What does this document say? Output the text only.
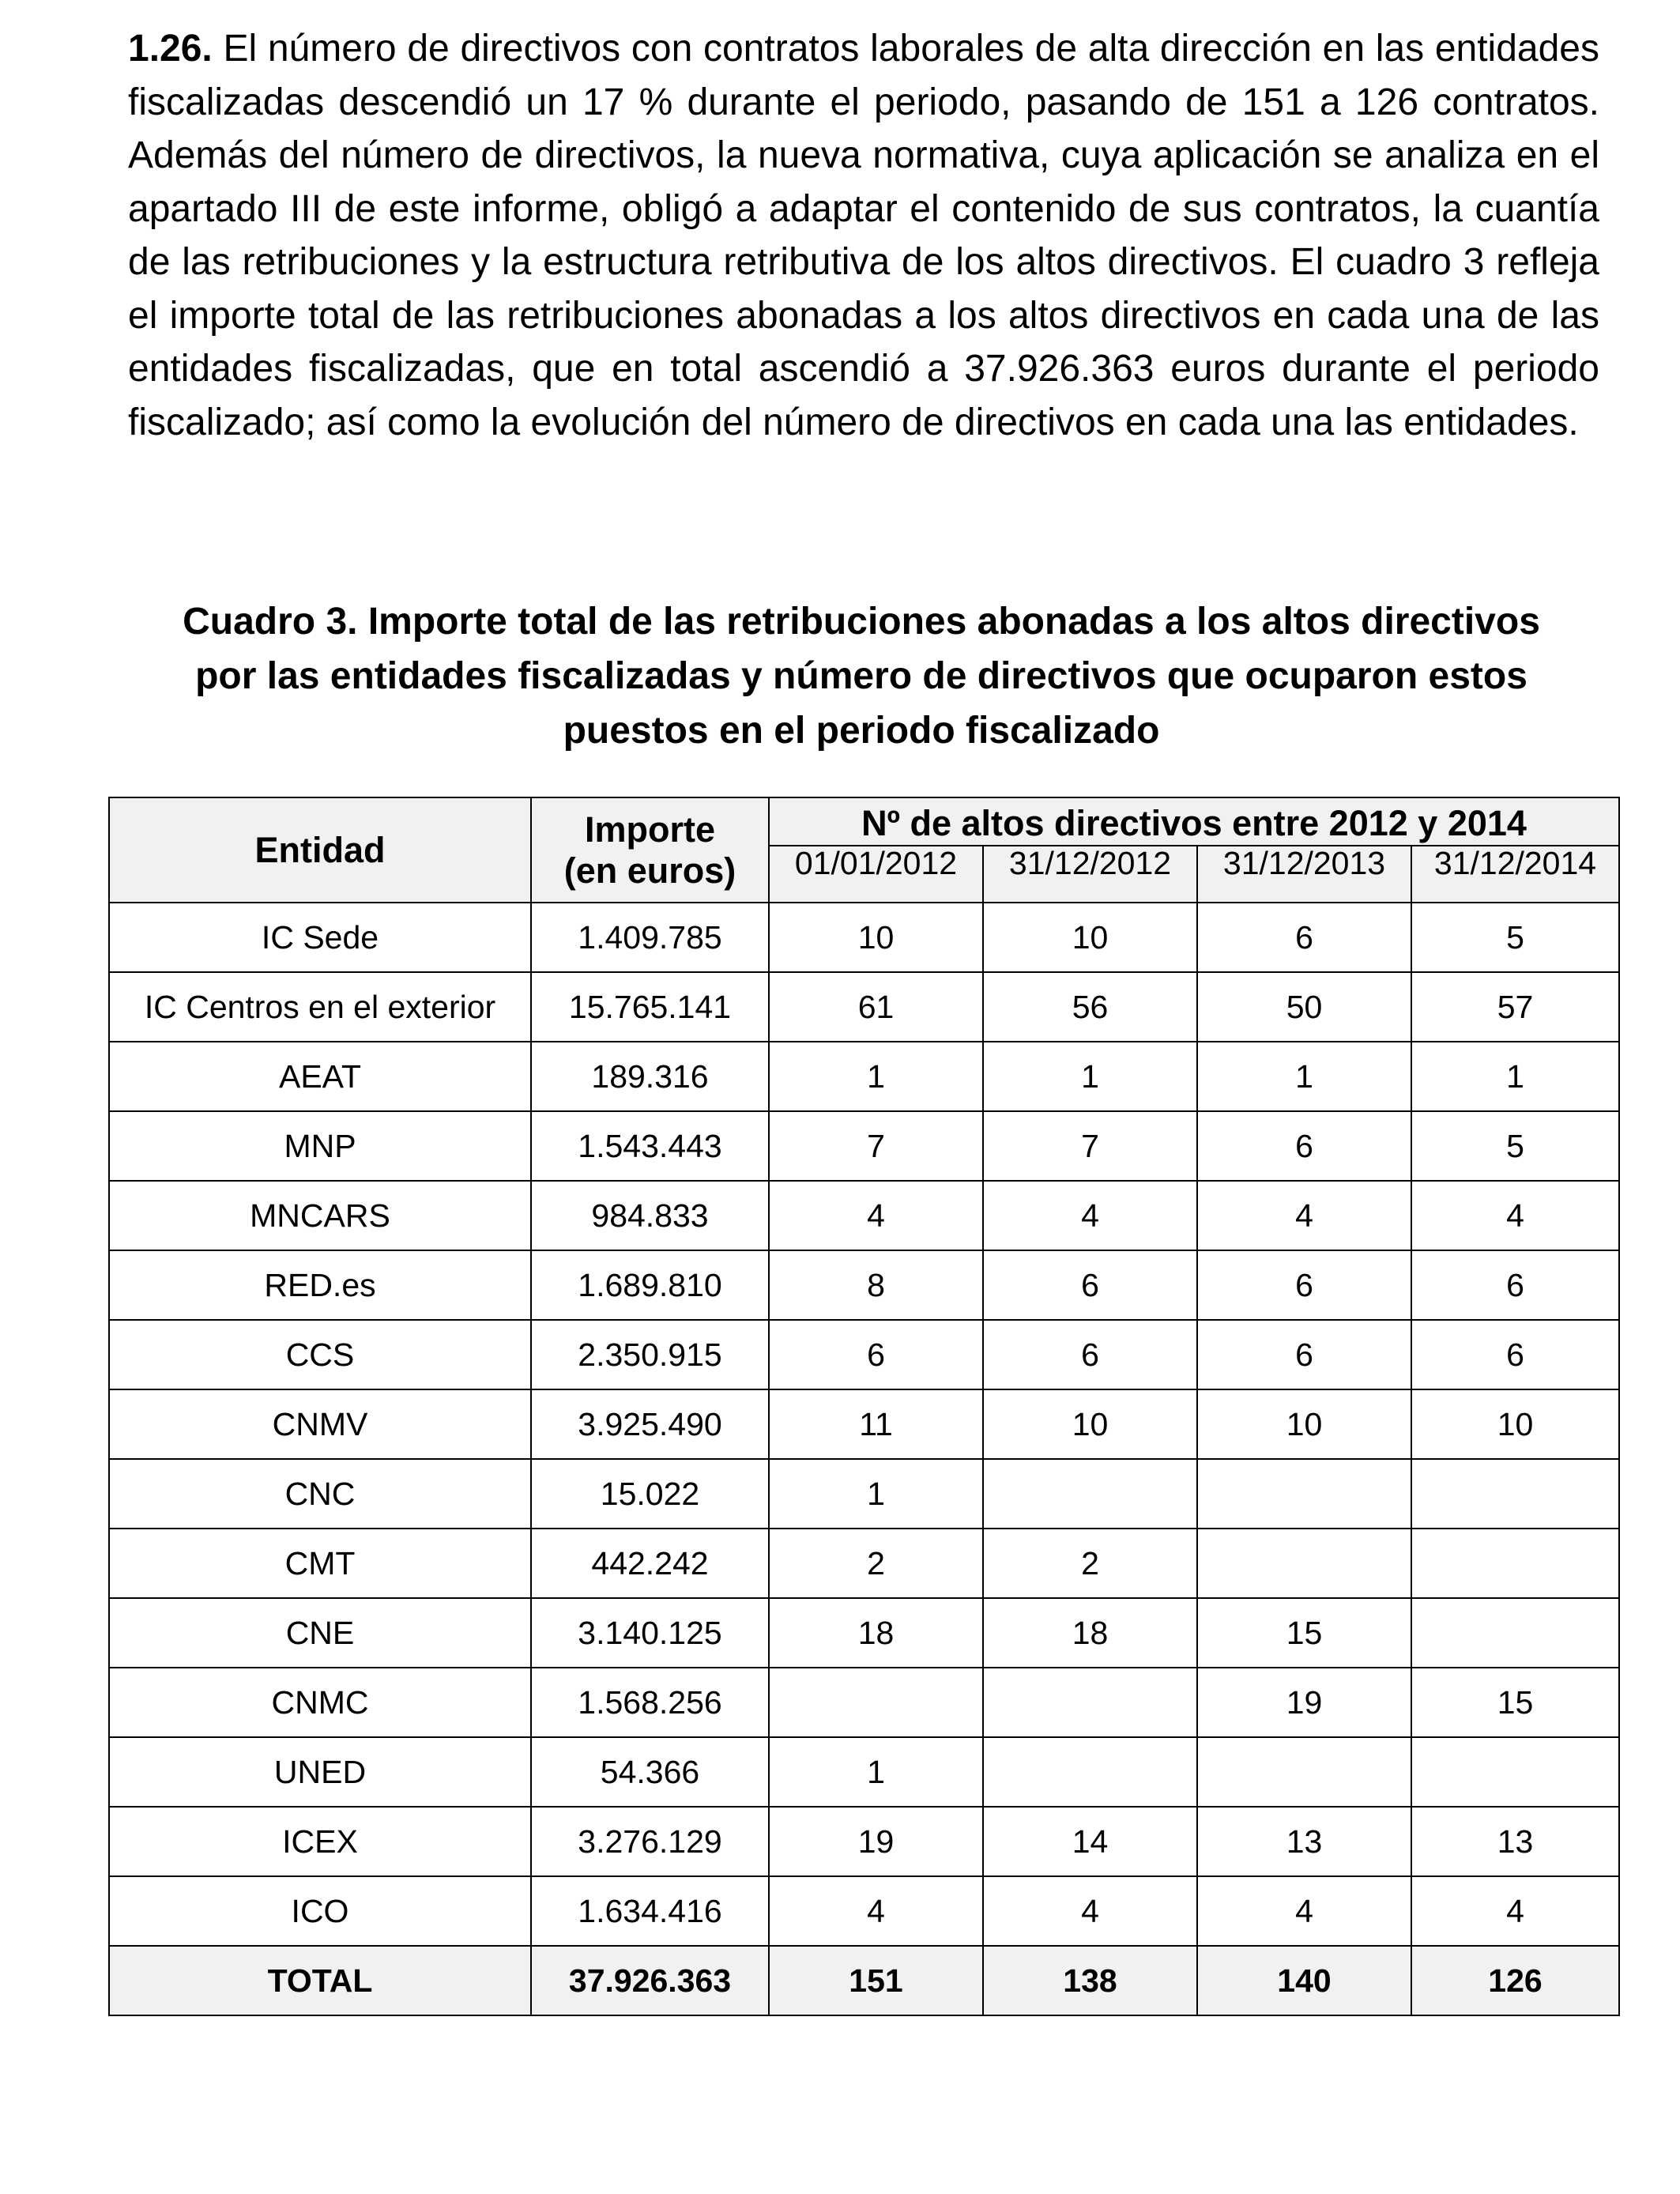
1.26. El número de directivos con contratos laborales de alta dirección en las entidades fiscalizadas descendió un 17 % durante el periodo, pasando de 151 a 126 contratos. Además del número de directivos, la nueva normativa, cuya aplicación se analiza en el apartado III de este informe, obligó a adaptar el contenido de sus contratos, la cuantía de las retribuciones y la estructura retributiva de los altos directivos. El cuadro 3 refleja el importe total de las retribuciones abonadas a los altos directivos en cada una de las entidades fiscalizadas, que en total ascendió a 37.926.363 euros durante el periodo fiscalizado; así como la evolución del número de directivos en cada una las entidades.

Cuadro 3. Importe total de las retribuciones abonadas a los altos directivos
por las entidades fiscalizadas y número de directivos que ocuparon estos
puestos en el periodo fiscalizado

Entidad	Importe
(en euros)	Nº de altos directivos entre 2012 y 2014			
		01/01/2012	31/12/2012	31/12/2013	31/12/2014
IC Sede	1.409.785	10	10	6	5
IC Centros en el exterior	15.765.141	61	56	50	57
AEAT	189.316	1	1	1	1
MNP	1.543.443	7	7	6	5
MNCARS	984.833	4	4	4	4
RED.es	1.689.810	8	6	6	6
CCS	2.350.915	6	6	6	6
CNMV	3.925.490	11	10	10	10
CNC	15.022	1			
CMT	442.242	2	2		
CNE	3.140.125	18	18	15	
CNMC	1.568.256			19	15
UNED	54.366	1			
ICEX	3.276.129	19	14	13	13
ICO	1.634.416	4	4	4	4
TOTAL	37.926.363	151	138	140	126
